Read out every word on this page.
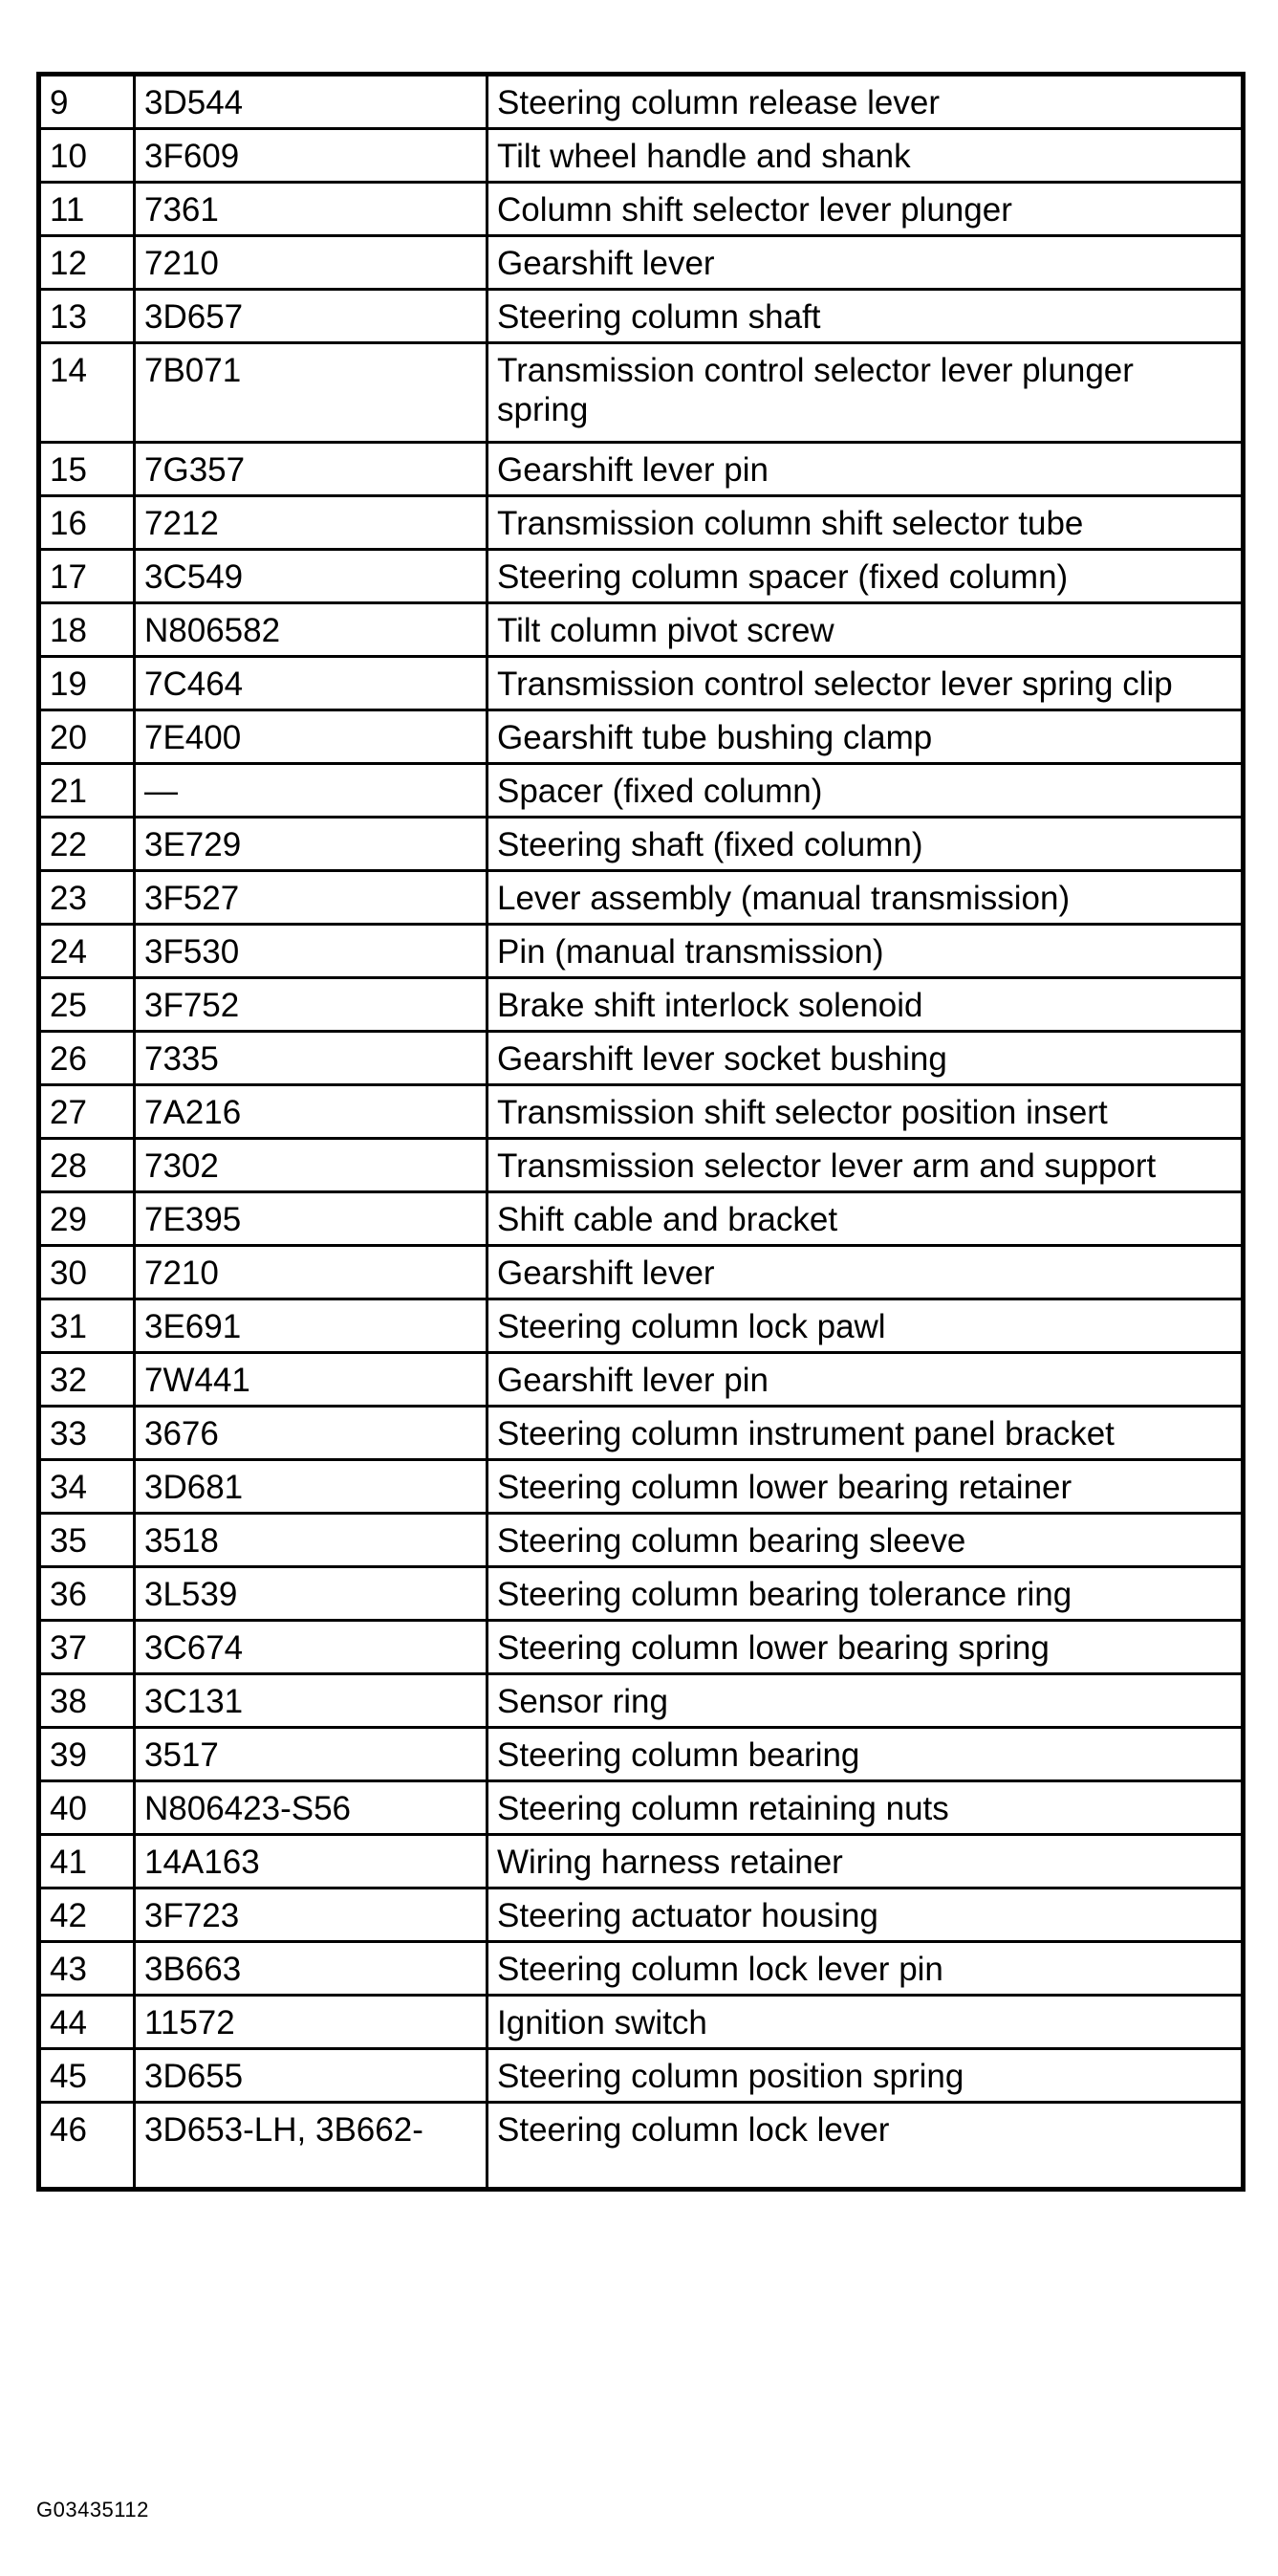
9	3D544	Steering column release lever
10	3F609	Tilt wheel handle and shank
11	7361	Column shift selector lever plunger
12	7210	Gearshift lever
13	3D657	Steering column shaft
14	7B071	Transmission control selector lever plunger spring
15	7G357	Gearshift lever pin
16	7212	Transmission column shift selector tube
17	3C549	Steering column spacer (fixed column)
18	N806582	Tilt column pivot screw
19	7C464	Transmission control selector lever spring clip
20	7E400	Gearshift tube bushing clamp
21	—	Spacer (fixed column)
22	3E729	Steering shaft (fixed column)
23	3F527	Lever assembly (manual transmission)
24	3F530	Pin (manual transmission)
25	3F752	Brake shift interlock solenoid
26	7335	Gearshift lever socket bushing
27	7A216	Transmission shift selector position insert
28	7302	Transmission selector lever arm and support
29	7E395	Shift cable and bracket
30	7210	Gearshift lever
31	3E691	Steering column lock pawl
32	7W441	Gearshift lever pin
33	3676	Steering column instrument panel bracket
34	3D681	Steering column lower bearing retainer
35	3518	Steering column bearing sleeve
36	3L539	Steering column bearing tolerance ring
37	3C674	Steering column lower bearing spring
38	3C131	Sensor ring
39	3517	Steering column bearing
40	N806423-S56	Steering column retaining nuts
41	14A163	Wiring harness retainer
42	3F723	Steering actuator housing
43	3B663	Steering column lock lever pin
44	11572	Ignition switch
45	3D655	Steering column position spring
46	3D653-LH, 3B662-	Steering column lock lever
G03435112
